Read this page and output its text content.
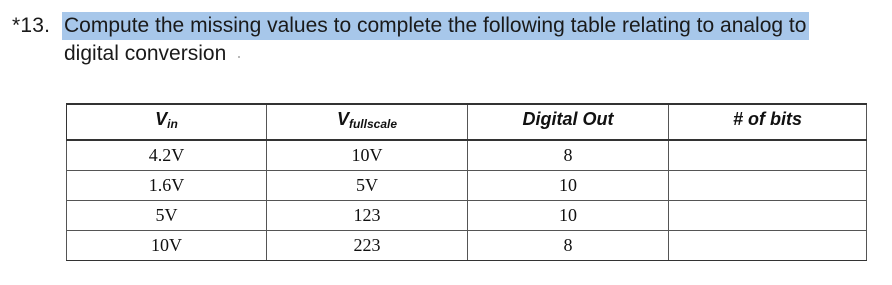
*13. Compute the missing values to complete the following table relating to analog to
digital conversion
Vin	Vfullscale	Digital Out	# of bits
4.2V	10V	8	
1.6V	5V	10	
5V	123	10	
10V	223	8	
